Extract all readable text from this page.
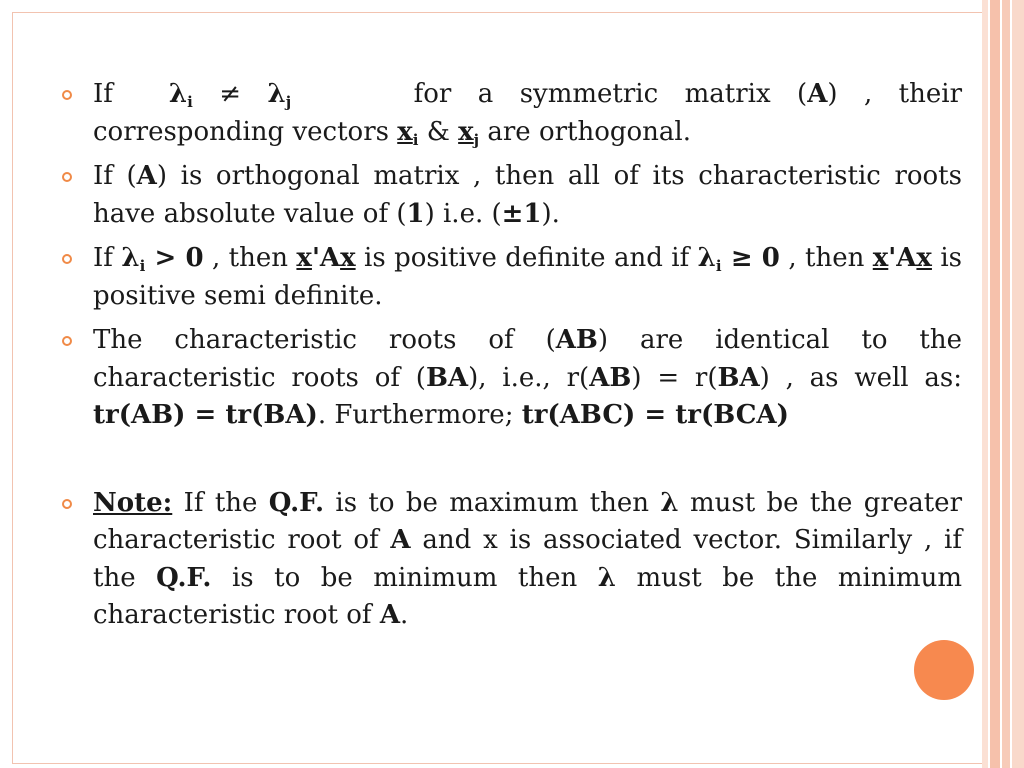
If $\lambda_i \ne \lambda_j$	for a symmetric matrix (A) , their corresponding vectors $x_i$ & $x_j$ are orthogonal.

If (A) is orthogonal matrix , then all of its characteristic roots have absolute value of (1) i.e. (±1).

If $\lambda_i > 0$ , then x'Ax is positive definite and if $\lambda_i \ge 0$ , then x'Ax is positive semi definite.

The characteristic roots of (AB) are identical to the characteristic roots of (BA), i.e., r(AB) = r(BA) , as well as: tr(AB) = tr(BA). Furthermore; tr(ABC) = tr(BCA)

Note: If the Q.F. is to be maximum then λ must be the greater characteristic root of A and x is associated vector. Similarly , if the Q.F. is to be minimum then λ must be the minimum characteristic root of A.
